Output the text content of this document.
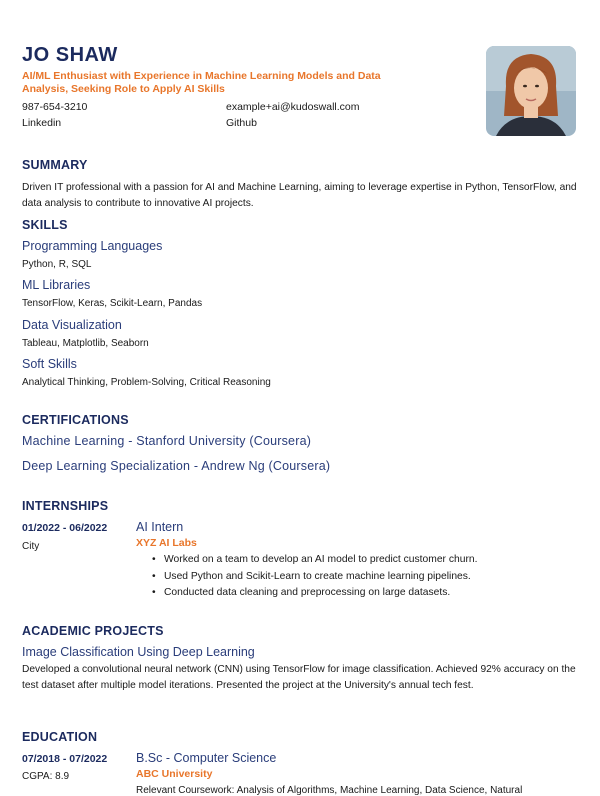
JO SHAW
AI/ML Enthusiast with Experience in Machine Learning Models and Data Analysis, Seeking Role to Apply AI Skills
987-654-3210	example+ai@kudoswall.com
Linkedin	Github
SUMMARY
Driven IT professional with a passion for AI and Machine Learning, aiming to leverage expertise in Python, TensorFlow, and data analysis to contribute to innovative AI projects.
SKILLS
Programming Languages
Python, R, SQL
ML Libraries
TensorFlow, Keras, Scikit-Learn, Pandas
Data Visualization
Tableau, Matplotlib, Seaborn
Soft Skills
Analytical Thinking, Problem-Solving, Critical Reasoning
CERTIFICATIONS
Machine Learning - Stanford University (Coursera)
Deep Learning Specialization - Andrew Ng (Coursera)
INTERNSHIPS
01/2022 - 06/2022
City
AI Intern
XYZ AI Labs
• Worked on a team to develop an AI model to predict customer churn.
• Used Python and Scikit-Learn to create machine learning pipelines.
• Conducted data cleaning and preprocessing on large datasets.
ACADEMIC PROJECTS
Image Classification Using Deep Learning
Developed a convolutional neural network (CNN) using TensorFlow for image classification. Achieved 92% accuracy on the test dataset after multiple model iterations. Presented the project at the University's annual tech fest.
EDUCATION
07/2018 - 07/2022
CGPA: 8.9
B.Sc - Computer Science
ABC University
Relevant Coursework: Analysis of Algorithms, Machine Learning, Data Science, Natural
